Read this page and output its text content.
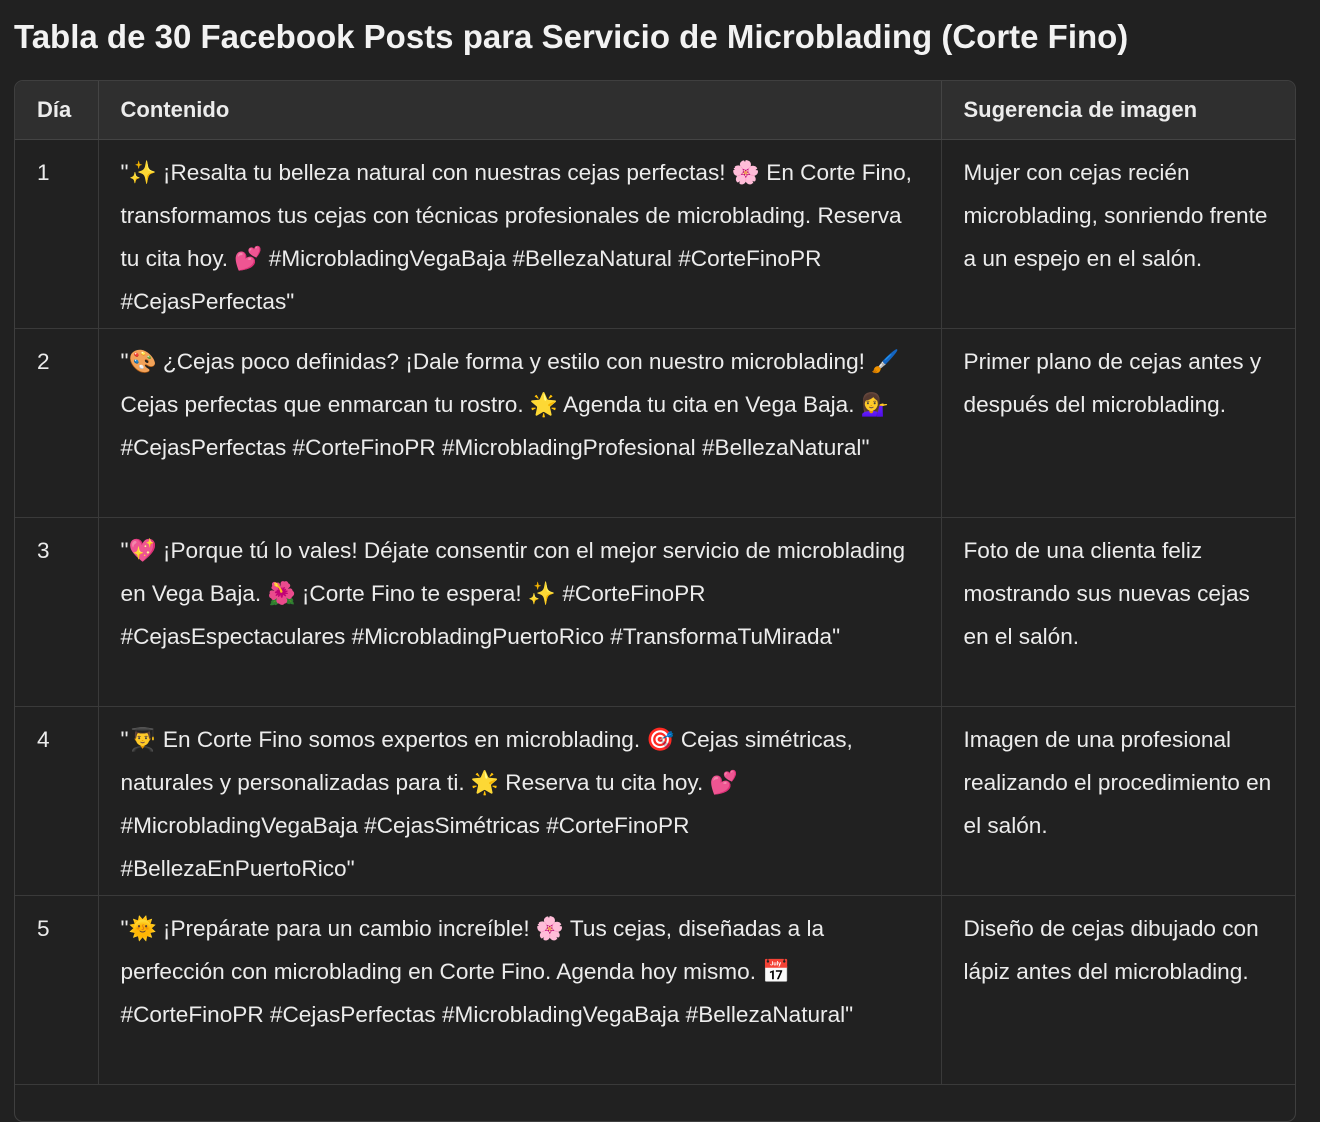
Tabla de 30 Facebook Posts para Servicio de Microblading (Corte Fino)
Día	Contenido	Sugerencia de imagen
1	"✨ ¡Resalta tu belleza natural con nuestras cejas perfectas! 🌸 En Corte Fino, transformamos tus cejas con técnicas profesionales de microblading. Reserva tu cita hoy. 💕 #MicrobladingVegaBaja #BellezaNatural #CorteFinoPR #CejasPerfectas"	Mujer con cejas recién microblading, sonriendo frente a un espejo en el salón.
2	"🎨 ¿Cejas poco definidas? ¡Dale forma y estilo con nuestro microblading! 🖌️ Cejas perfectas que enmarcan tu rostro. 🌟 Agenda tu cita en Vega Baja. 💁‍♀️ #CejasPerfectas #CorteFinoPR #MicrobladingProfesional #BellezaNatural"	Primer plano de cejas antes y después del microblading.
3	"💖 ¡Porque tú lo vales! Déjate consentir con el mejor servicio de microblading en Vega Baja. 🌺 ¡Corte Fino te espera! ✨ #CorteFinoPR #CejasEspectaculares #MicrobladingPuertoRico #TransformaTuMirada"	Foto de una clienta feliz mostrando sus nuevas cejas en el salón.
4	"👨‍🎓 En Corte Fino somos expertos en microblading. 🎯 Cejas simétricas, naturales y personalizadas para ti. 🌟 Reserva tu cita hoy. 💕 #MicrobladingVegaBaja #CejasSimétricas #CorteFinoPR #BellezaEnPuertoRico"	Imagen de una profesional realizando el procedimiento en el salón.
5	"🌞 ¡Prepárate para un cambio increíble! 🌸 Tus cejas, diseñadas a la perfección con microblading en Corte Fino. Agenda hoy mismo. 📅 #CorteFinoPR #CejasPerfectas #MicrobladingVegaBaja #BellezaNatural"	Diseño de cejas dibujado con lápiz antes del microblading.
